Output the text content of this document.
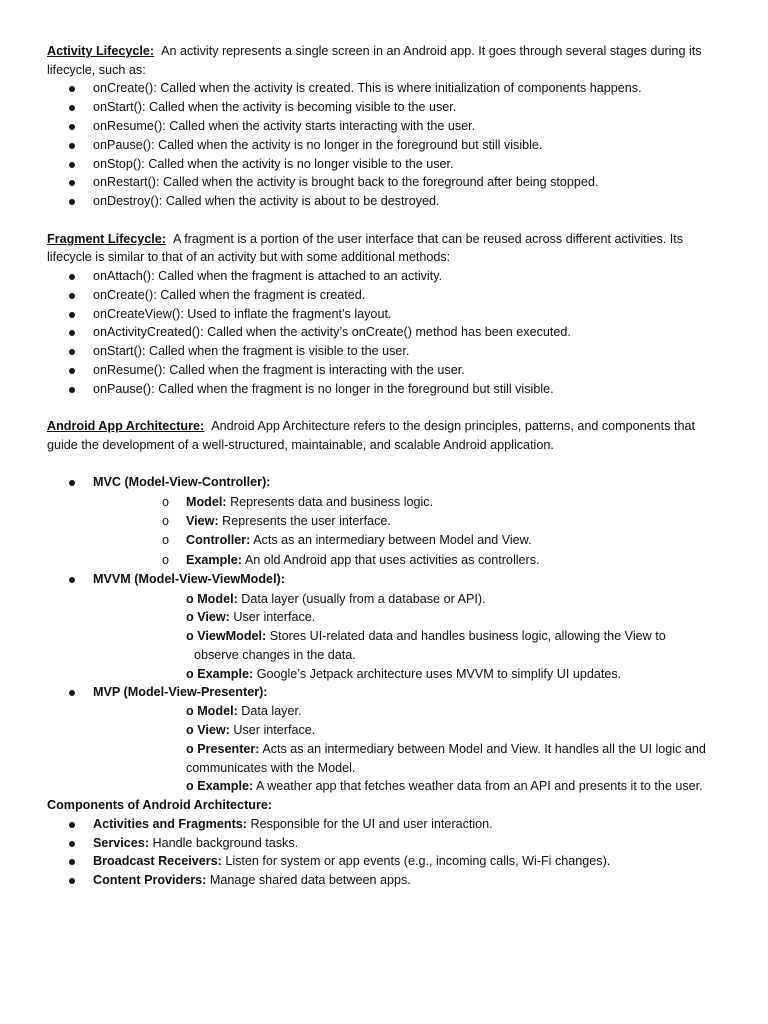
Activity Lifecycle: An activity represents a single screen in an Android app. It goes through several stages during its
lifecycle, such as:
onCreate(): Called when the activity is created. This is where initialization of components happens.
onStart(): Called when the activity is becoming visible to the user.
onResume(): Called when the activity starts interacting with the user.
onPause(): Called when the activity is no longer in the foreground but still visible.
onStop(): Called when the activity is no longer visible to the user.
onRestart(): Called when the activity is brought back to the foreground after being stopped.
onDestroy(): Called when the activity is about to be destroyed.
Fragment Lifecycle: A fragment is a portion of the user interface that can be reused across different activities. Its
lifecycle is similar to that of an activity but with some additional methods:
onAttach(): Called when the fragment is attached to an activity.
onCreate(): Called when the fragment is created.
onCreateView(): Used to inflate the fragment’s layout.
onActivityCreated(): Called when the activity’s onCreate() method has been executed.
onStart(): Called when the fragment is visible to the user.
onResume(): Called when the fragment is interacting with the user.
onPause(): Called when the fragment is no longer in the foreground but still visible.
Android App Architecture: Android App Architecture refers to the design principles, patterns, and components that
guide the development of a well-structured, maintainable, and scalable Android application.
MVC (Model-View-Controller):
o Model: Represents data and business logic.
o View: Represents the user interface.
o Controller: Acts as an intermediary between Model and View.
o Example: An old Android app that uses activities as controllers.
MVVM (Model-View-ViewModel):
o Model: Data layer (usually from a database or API).
o View: User interface.
o ViewModel: Stores UI-related data and handles business logic, allowing the View to
observe changes in the data.
o Example: Google’s Jetpack architecture uses MVVM to simplify UI updates.
MVP (Model-View-Presenter):
o Model: Data layer.
o View: User interface.
o Presenter: Acts as an intermediary between Model and View. It handles all the UI logic and
communicates with the Model.
o Example: A weather app that fetches weather data from an API and presents it to the user.
Components of Android Architecture:
Activities and Fragments: Responsible for the UI and user interaction.
Services: Handle background tasks.
Broadcast Receivers: Listen for system or app events (e.g., incoming calls, Wi-Fi changes).
Content Providers: Manage shared data between apps.
